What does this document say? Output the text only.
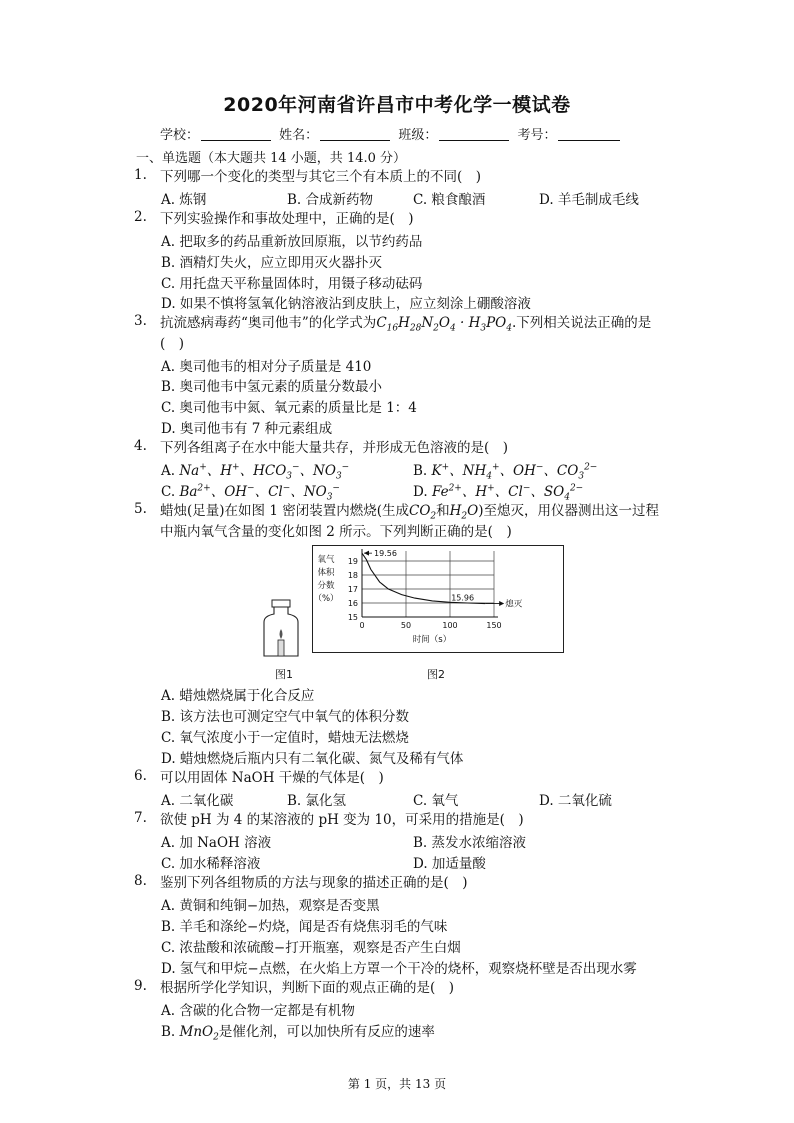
2020年河南省许昌市中考化学一模试卷
学校：	姓名：	班级：	考号：
一、单选题（本大题共 14 小题，共 14.0 分）
1. 下列哪一个变化的类型与其它三个有本质上的不同(　)
A. 炼钢	B. 合成新药物	C. 粮食酿酒	D. 羊毛制成毛线
2. 下列实验操作和事故处理中，正确的是(　)
A. 把取多的药品重新放回原瓶，以节约药品
B. 酒精灯失火，应立即用灭火器扑灭
C. 用托盘天平称量固体时，用镊子移动砝码
D. 如果不慎将氢氧化钠溶液沾到皮肤上，应立刻涂上硼酸溶液
3. 抗流感病毒药“奥司他韦”的化学式为$C_{16}H_{28}N_2O_4 \cdot H_3PO_4$.下列相关说法正确的是
(　)
A. 奥司他韦的相对分子质量是 410
B. 奥司他韦中氢元素的质量分数最小
C. 奥司他韦中氮、氧元素的质量比是 1：4
D. 奥司他韦有 7 种元素组成
4. 下列各组离子在水中能大量共存，并形成无色溶液的是(　)
A. Na+、H+、$HCO_3^-$、$NO_3^-$	B. K+、$NH_4^+$、OH−、$CO_3^{2-}$
C. $Ba^{2+}$、OH−、Cl−、$NO_3^-$	D. $Fe^{2+}$、H+、Cl−、$SO_4^{2-}$
5. 蜡烛(足量)在如图 1 密闭装置内燃烧(生成$CO_2$和$H_2O$)至熄灭，用仪器测出这一过程
中瓶内氧气含量的变化如图 2 所示。下列判断正确的是(　)
图1
15
16
17
18
19
0	50	100	150
氧气
体积
分数
（%）
时间（s）
19.56
15.96
熄灭
图2
A. 蜡烛燃烧属于化合反应
B. 该方法也可测定空气中氧气的体积分数
C. 氧气浓度小于一定值时，蜡烛无法燃烧
D. 蜡烛燃烧后瓶内只有二氧化碳、氮气及稀有气体
6. 可以用固体 NaOH 干燥的气体是(　)
A. 二氧化碳	B. 氯化氢	C. 氧气	D. 二氧化硫
7. 欲使 pH 为 4 的某溶液的 pH 变为 10，可采用的措施是(　)
A. 加 NaOH 溶液	B. 蒸发水浓缩溶液
C. 加水稀释溶液	D. 加适量酸
8. 鉴别下列各组物质的方法与现象的描述正确的是(　)
A. 黄铜和纯铜−加热，观察是否变黑
B. 羊毛和涤纶−灼烧，闻是否有烧焦羽毛的气味
C. 浓盐酸和浓硫酸−打开瓶塞，观察是否产生白烟
D. 氢气和甲烷−点燃，在火焰上方罩一个干冷的烧杯，观察烧杯壁是否出现水雾
9. 根据所学化学知识，判断下面的观点正确的是(　)
A. 含碳的化合物一定都是有机物
B. MnO$_2$是催化剂，可以加快所有反应的速率
第 1 页，共 13 页
